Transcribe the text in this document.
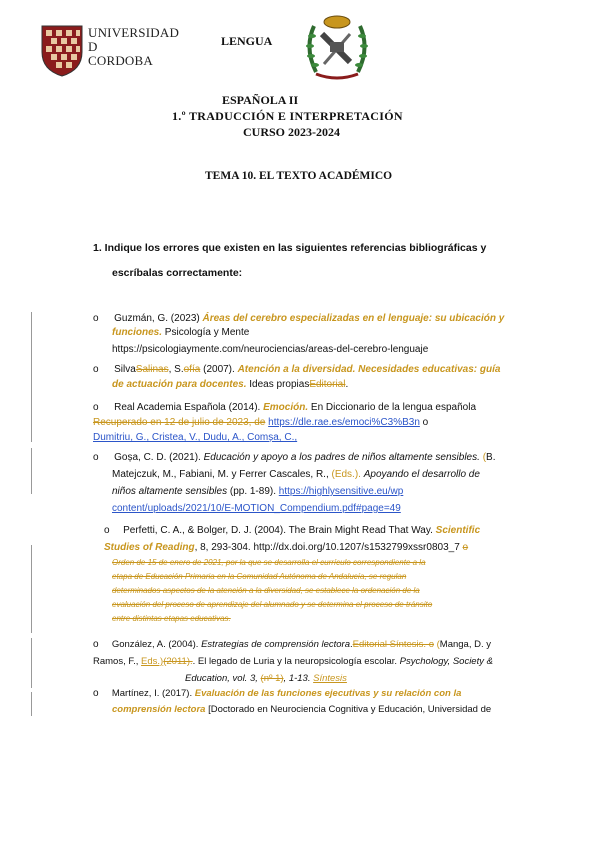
UNIVERSIDAD
D
CORDOBA
LENGUA
ESPAÑOLA II
1.º TRADUCCIÓN E INTERPRETACIÓN
CURSO 2023-2024
TEMA 10. EL TEXTO ACADÉMICO
1. Indique los errores que existen en las siguientes referencias bibliográficas y
escríbalas correctamente:
o Guzmán, G. (2023) Áreas del cerebro especializadas en el lenguaje: su ubicación y
funciones. Psicología y Mente
https://psicologiaymente.com/neurociencias/areas-del-cerebro-lenguaje
o SilvaSalinas, S.ofía (2007). Atención a la diversidad. Necesidades educativas: guía
de actuación para docentes. Ideas propiasEditorial.
o Real Academia Española (2014). Emoción. En Diccionario de la lengua española
Recuperado en 12 de julio de 2023, de https://dle.rae.es/emoci%C3%B3n o
Dumitriu, G., Cristea, V., Dudu, A., Comșa, C.,
o Goșa, C. D. (2021). Educación y apoyo a los padres de niños altamente sensibles. (B.
Matejczuk, M., Fabiani, M. y Ferrer Cascales, R., (Eds.). Apoyando el desarrollo de
niños altamente sensibles (pp. 1-89). https://highlysensitive.eu/wp
content/uploads/2021/10/E-MOTION_Compendium.pdf#page=49
o Perfetti, C. A., & Bolger, D. J. (2004). The Brain Might Read That Way. Scientific
Studies of Reading, 8, 293-304. http://dx.doi.org/10.1207/s1532799xssr0803_7 o
Orden de 15 de enero de 2021, por la que se desarrolla el currículo correspondiente a la
etapa de Educación Primaria en la Comunidad Autónoma de Andalucía, se regulan
determinados aspectos de la atención a la diversidad, se establece la ordenación de la
evaluación del proceso de aprendizaje del alumnado y se determina el proceso de tránsito
entre distintas etapas educativas.
o González, A. (2004). Estrategias de comprensión lectora.Editorial Síntesis. o (Manga, D. y
Ramos, F., Eds.)(2011).. El legado de Luria y la neuropsicología escolar. Psychology, Society &
Education, vol. 3, (nº 1), 1-13. Síntesis
o Martínez, I. (2017). Evaluación de las funciones ejecutivas y su relación con la
comprensión lectora [Doctorado en Neurociencia Cognitiva y Educación, Universidad de
